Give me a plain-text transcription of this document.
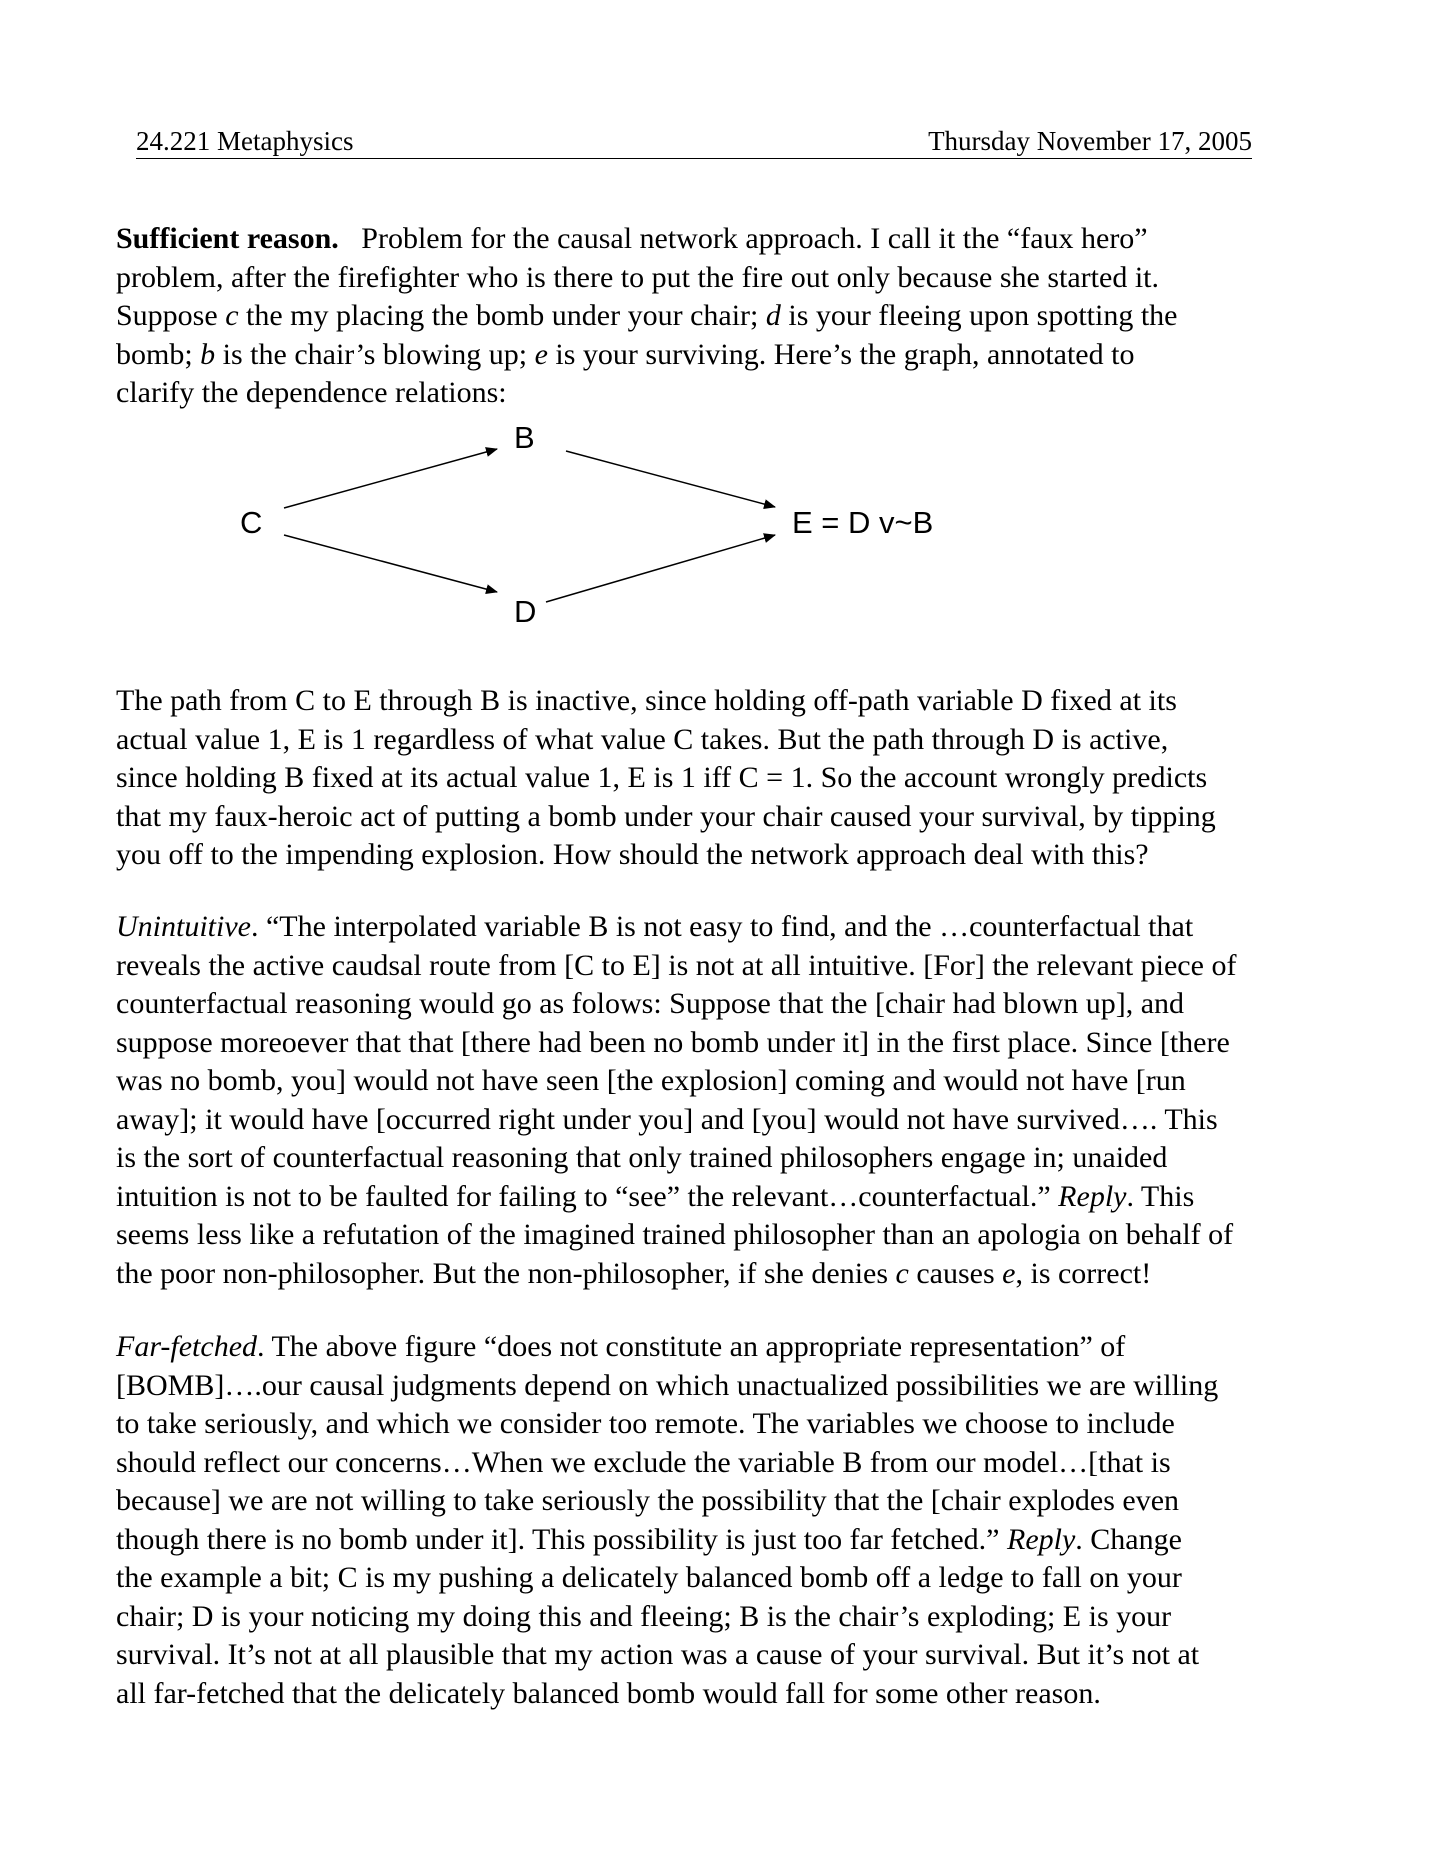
24.221 Metaphysics	Thursday November 17, 2005
Sufficient reason. Problem for the causal network approach. I call it the “faux hero”
problem, after the firefighter who is there to put the fire out only because she started it.
Suppose c the my placing the bomb under your chair; d is your fleeing upon spotting the
bomb; b is the chair’s blowing up; e is your surviving. Here’s the graph, annotated to
clarify the dependence relations:
C
B
D
E = D v~B
The path from C to E through B is inactive, since holding off-path variable D fixed at its
actual value 1, E is 1 regardless of what value C takes. But the path through D is active,
since holding B fixed at its actual value 1, E is 1 iff C = 1. So the account wrongly predicts
that my faux-heroic act of putting a bomb under your chair caused your survival, by tipping
you off to the impending explosion. How should the network approach deal with this?
Unintuitive. “The interpolated variable B is not easy to find, and the …counterfactual that
reveals the active caudsal route from [C to E] is not at all intuitive. [For] the relevant piece of
counterfactual reasoning would go as folows: Suppose that the [chair had blown up], and
suppose moreoever that that [there had been no bomb under it] in the first place. Since [there
was no bomb, you] would not have seen [the explosion] coming and would not have [run
away]; it would have [occurred right under you] and [you] would not have survived…. This
is the sort of counterfactual reasoning that only trained philosophers engage in; unaided
intuition is not to be faulted for failing to “see” the relevant…counterfactual.” Reply. This
seems less like a refutation of the imagined trained philosopher than an apologia on behalf of
the poor non-philosopher. But the non-philosopher, if she denies c causes e, is correct!
Far-fetched. The above figure “does not constitute an appropriate representation” of
[BOMB]….our causal judgments depend on which unactualized possibilities we are willing
to take seriously, and which we consider too remote. The variables we choose to include
should reflect our concerns…When we exclude the variable B from our model…[that is
because] we are not willing to take seriously the possibility that the [chair explodes even
though there is no bomb under it]. This possibility is just too far fetched.” Reply. Change
the example a bit; C is my pushing a delicately balanced bomb off a ledge to fall on your
chair; D is your noticing my doing this and fleeing; B is the chair’s exploding; E is your
survival. It’s not at all plausible that my action was a cause of your survival. But it’s not at
all far-fetched that the delicately balanced bomb would fall for some other reason.
